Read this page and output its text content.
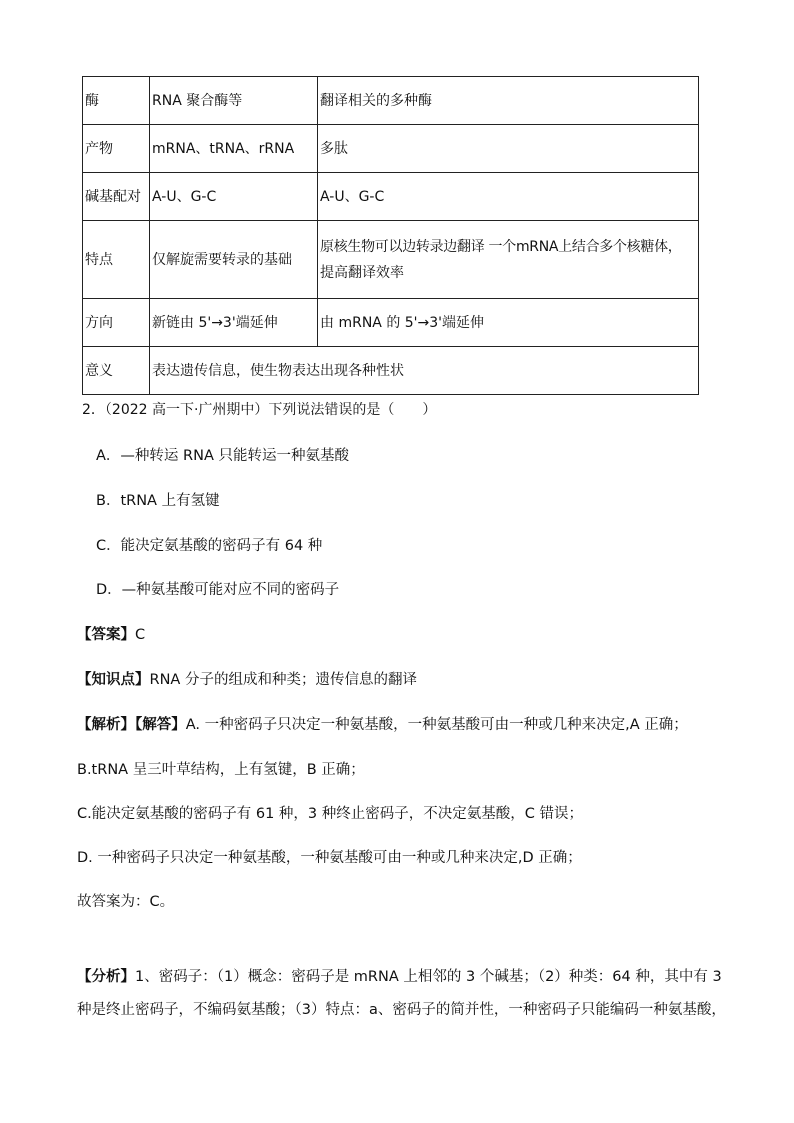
酶	RNA 聚合酶等	翻译相关的多种酶
产物	mRNA、tRNA、rRNA	多肽
碱基配对	A-U、G-C	A-U、G-C
特点	仅解旋需要转录的基础	原核生物可以边转录边翻译 一个mRNA上结合多个核糖体，
提高翻译效率

方向	新链由 5'→3'端延伸	由 mRNA 的 5'→3'端延伸
意义	表达遗传信息，使生物表达出现各种性状	
2．（2022 高一下·广州期中）下列说法错误的是（　　）
A．—种转运 RNA 只能转运一种氨基酸
B．tRNA 上有氢键
C．能决定氨基酸的密码子有 64 种
D．—种氨基酸可能对应不同的密码子
【答案】C
【知识点】RNA 分子的组成和种类；遗传信息的翻译
【解析】【解答】A. 一种密码子只决定一种氨基酸，一种氨基酸可由一种或几种来决定,A 正确；
B.tRNA 呈三叶草结构，上有氢键，B 正确；
C.能决定氨基酸的密码子有 61 种，3 种终止密码子，不决定氨基酸，C 错误；
D. 一种密码子只决定一种氨基酸，一种氨基酸可由一种或几种来决定,D 正确；
故答案为：C。
【分析】1、密码子：（1）概念：密码子是 mRNA 上相邻的 3 个碱基；（2）种类：64 种，其中有 3
种是终止密码子，不编码氨基酸；（3）特点：a、密码子的简并性，一种密码子只能编码一种氨基酸，
